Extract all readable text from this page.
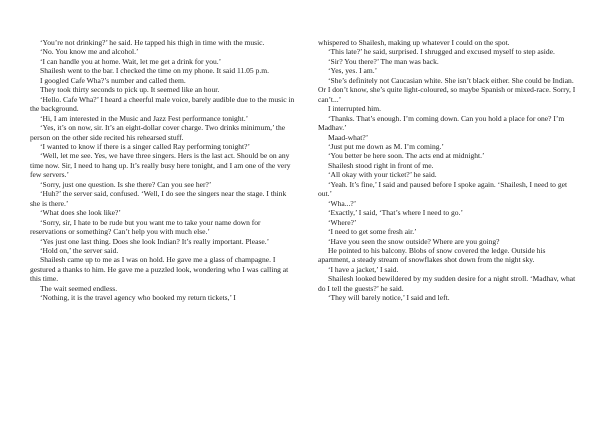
‘You’re not drinking?’ he said. He tapped his thigh in time with the music.

‘No. You know me and alcohol.’

‘I can handle you at home. Wait, let me get a drink for you.’

Shailesh went to the bar. I checked the time on my phone. It said 11.05 p.m.

I googled Cafe Wha?’s number and called them.

They took thirty seconds to pick up. It seemed like an hour.

‘Hello. Cafe Wha?’ I heard a cheerful male voice, barely audible due to the music in the background.

‘Hi, I am interested in the Music and Jazz Fest performance tonight.’

‘Yes, it’s on now, sir. It’s an eight-dollar cover charge. Two drinks minimum,’ the person on the other side recited his rehearsed stuff.

‘I wanted to know if there is a singer called Ray performing tonight?’

‘Well, let me see. Yes, we have three singers. Hers is the last act. Should be on any time now. Sir, I need to hang up. It’s really busy here tonight, and I am one of the very few servers.’

‘Sorry, just one question. Is she there? Can you see her?’

‘Huh?’ the server said, confused. ‘Well, I do see the singers near the stage. I think she is there.’

‘What does she look like?’

‘Sorry, sir, I hate to be rude but you want me to take your name down for reservations or something? Can’t help you with much else.’

‘Yes just one last thing. Does she look Indian? It’s really important. Please.’

‘Hold on,’ the server said.

Shailesh came up to me as I was on hold. He gave me a glass of champagne. I gestured a thanks to him. He gave me a puzzled look, wondering who I was calling at this time.

The wait seemed endless.

‘Nothing, it is the travel agency who booked my return tickets,’ I

whispered to Shailesh, making up whatever I could on the spot.

‘This late?’ he said, surprised. I shrugged and excused myself to step aside.

‘Sir? You there?’ The man was back.

‘Yes, yes. I am.’

‘She’s definitely not Caucasian white. She isn’t black either. She could be Indian. Or I don’t know, she’s quite light-coloured, so maybe Spanish or mixed-race. Sorry, I can’t...’

I interrupted him.

‘Thanks. That’s enough. I’m coming down. Can you hold a place for one? I’m Madhav.’

Maad-what?’

‘Just put me down as M. I’m coming.’

‘You better be here soon. The acts end at midnight.’

Shailesh stood right in front of me.

‘All okay with your ticket?’ he said.

‘Yeah. It’s fine,’ I said and paused before I spoke again. ‘Shailesh, I need to get out.’

‘Wha...?’

‘Exactly,’ I said, ‘That’s where I need to go.’

‘Where?’

‘I need to get some fresh air.’

‘Have you seen the snow outside? Where are you going?

He pointed to his balcony. Blobs of snow covered the ledge. Outside his apartment, a steady stream of snowflakes shot down from the night sky.

‘I have a jacket,’ I said.

Shailesh looked bewildered by my sudden desire for a night stroll. ‘Madhav, what do I tell the guests?’ he said.

‘They will barely notice,’ I said and left.
